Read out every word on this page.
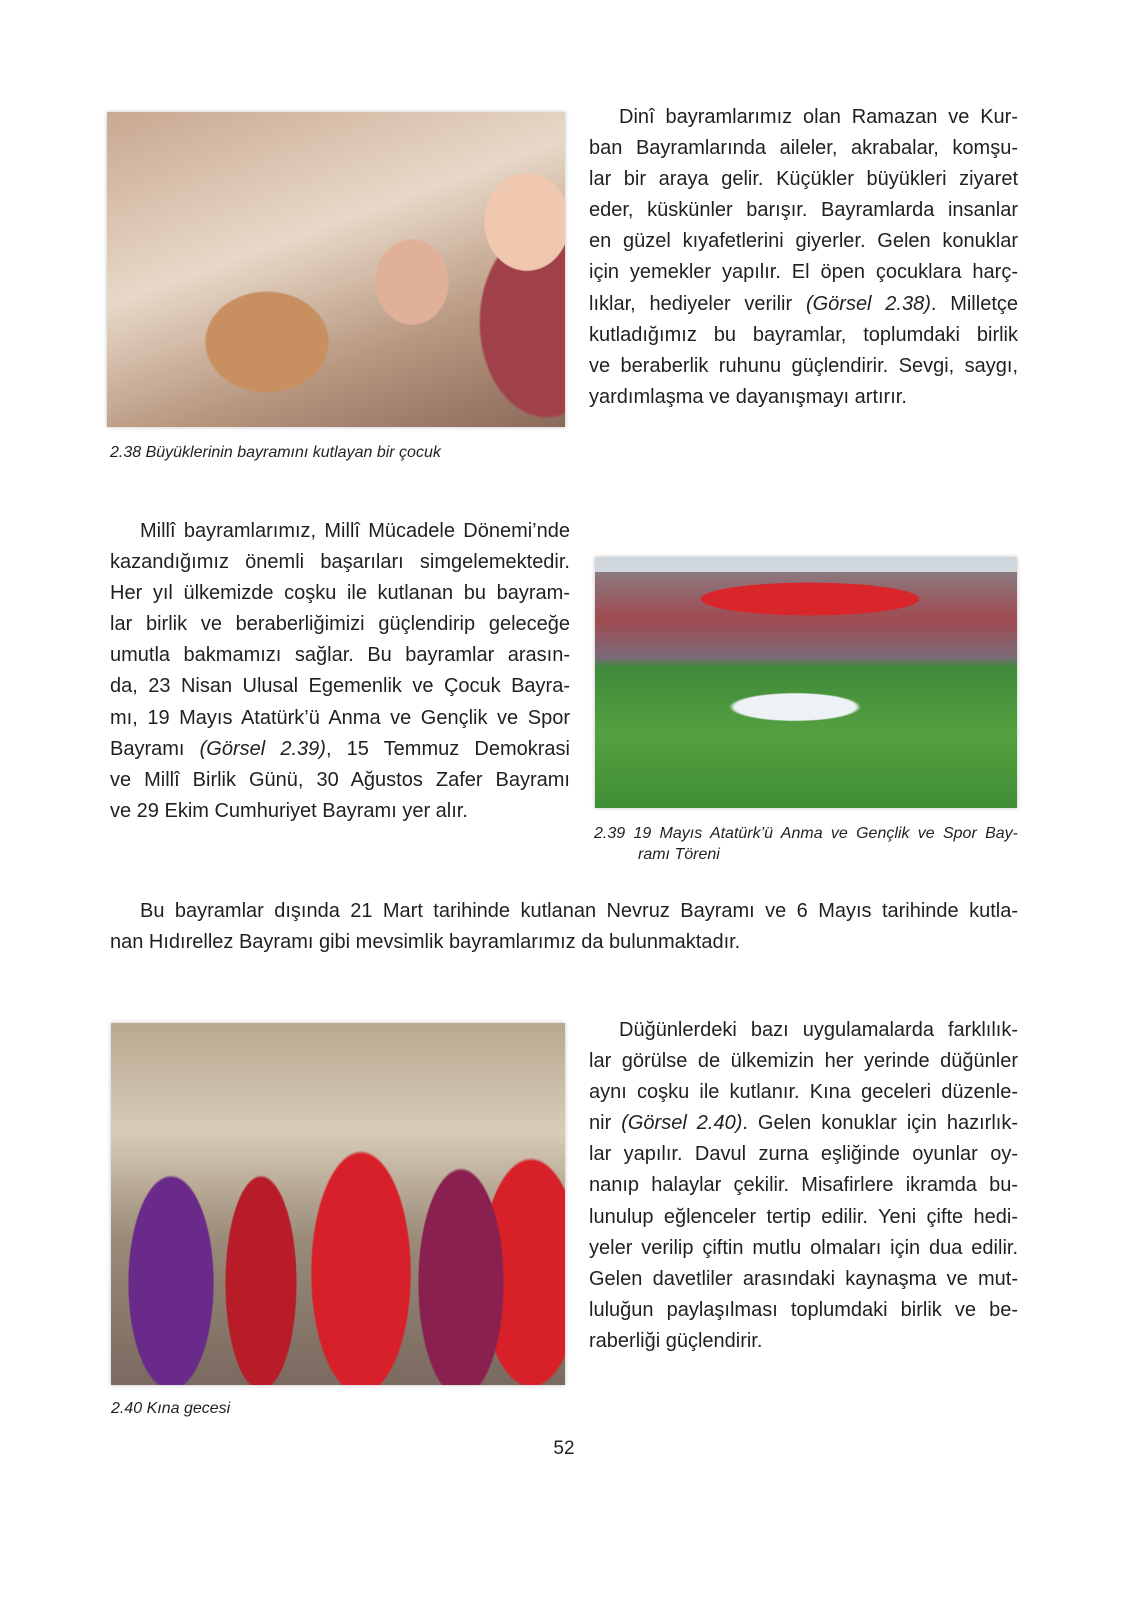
2.38 Büyüklerinin bayramını kutlayan bir çocuk
Dinî bayramlarımız olan Ramazan ve Kur-
ban Bayramlarında aileler, akrabalar, komşu-
lar bir araya gelir. Küçükler büyükleri ziyaret
eder, küskünler barışır. Bayramlarda insanlar
en güzel kıyafetlerini giyerler. Gelen konuklar
için yemekler yapılır. El öpen çocuklara harç-
lıklar, hediyeler verilir (Görsel 2.38). Milletçe
kutladığımız bu bayramlar, toplumdaki birlik
ve beraberlik ruhunu güçlendirir. Sevgi, saygı,
yardımlaşma ve dayanışmayı artırır.
Millî bayramlarımız, Millî Mücadele Dönemi’nde
kazandığımız önemli başarıları simgelemektedir.
Her yıl ülkemizde coşku ile kutlanan bu bayram-
lar birlik ve beraberliğimizi güçlendirip geleceğe
umutla bakmamızı sağlar. Bu bayramlar arasın-
da, 23 Nisan Ulusal Egemenlik ve Çocuk Bayra-
mı, 19 Mayıs Atatürk’ü Anma ve Gençlik ve Spor
Bayramı (Görsel 2.39), 15 Temmuz Demokrasi
ve Millî Birlik Günü, 30 Ağustos Zafer Bayramı
ve 29 Ekim Cumhuriyet Bayramı yer alır.
2.39 19 Mayıs Atatürk’ü Anma ve Gençlik ve Spor Bay-
ramı Töreni
Bu bayramlar dışında 21 Mart tarihinde kutlanan Nevruz Bayramı ve 6 Mayıs tarihinde kutla-
nan Hıdırellez Bayramı gibi mevsimlik bayramlarımız da bulunmaktadır.
2.40 Kına gecesi
Düğünlerdeki bazı uygulamalarda farklılık-
lar görülse de ülkemizin her yerinde düğünler
aynı coşku ile kutlanır. Kına geceleri düzenle-
nir (Görsel 2.40). Gelen konuklar için hazırlık-
lar yapılır. Davul zurna eşliğinde oyunlar oy-
nanıp halaylar çekilir. Misafirlere ikramda bu-
lunulup eğlenceler tertip edilir. Yeni çifte hedi-
yeler verilip çiftin mutlu olmaları için dua edilir.
Gelen davetliler arasındaki kaynaşma ve mut-
luluğun paylaşılması toplumdaki birlik ve be-
raberliği güçlendirir.
52
